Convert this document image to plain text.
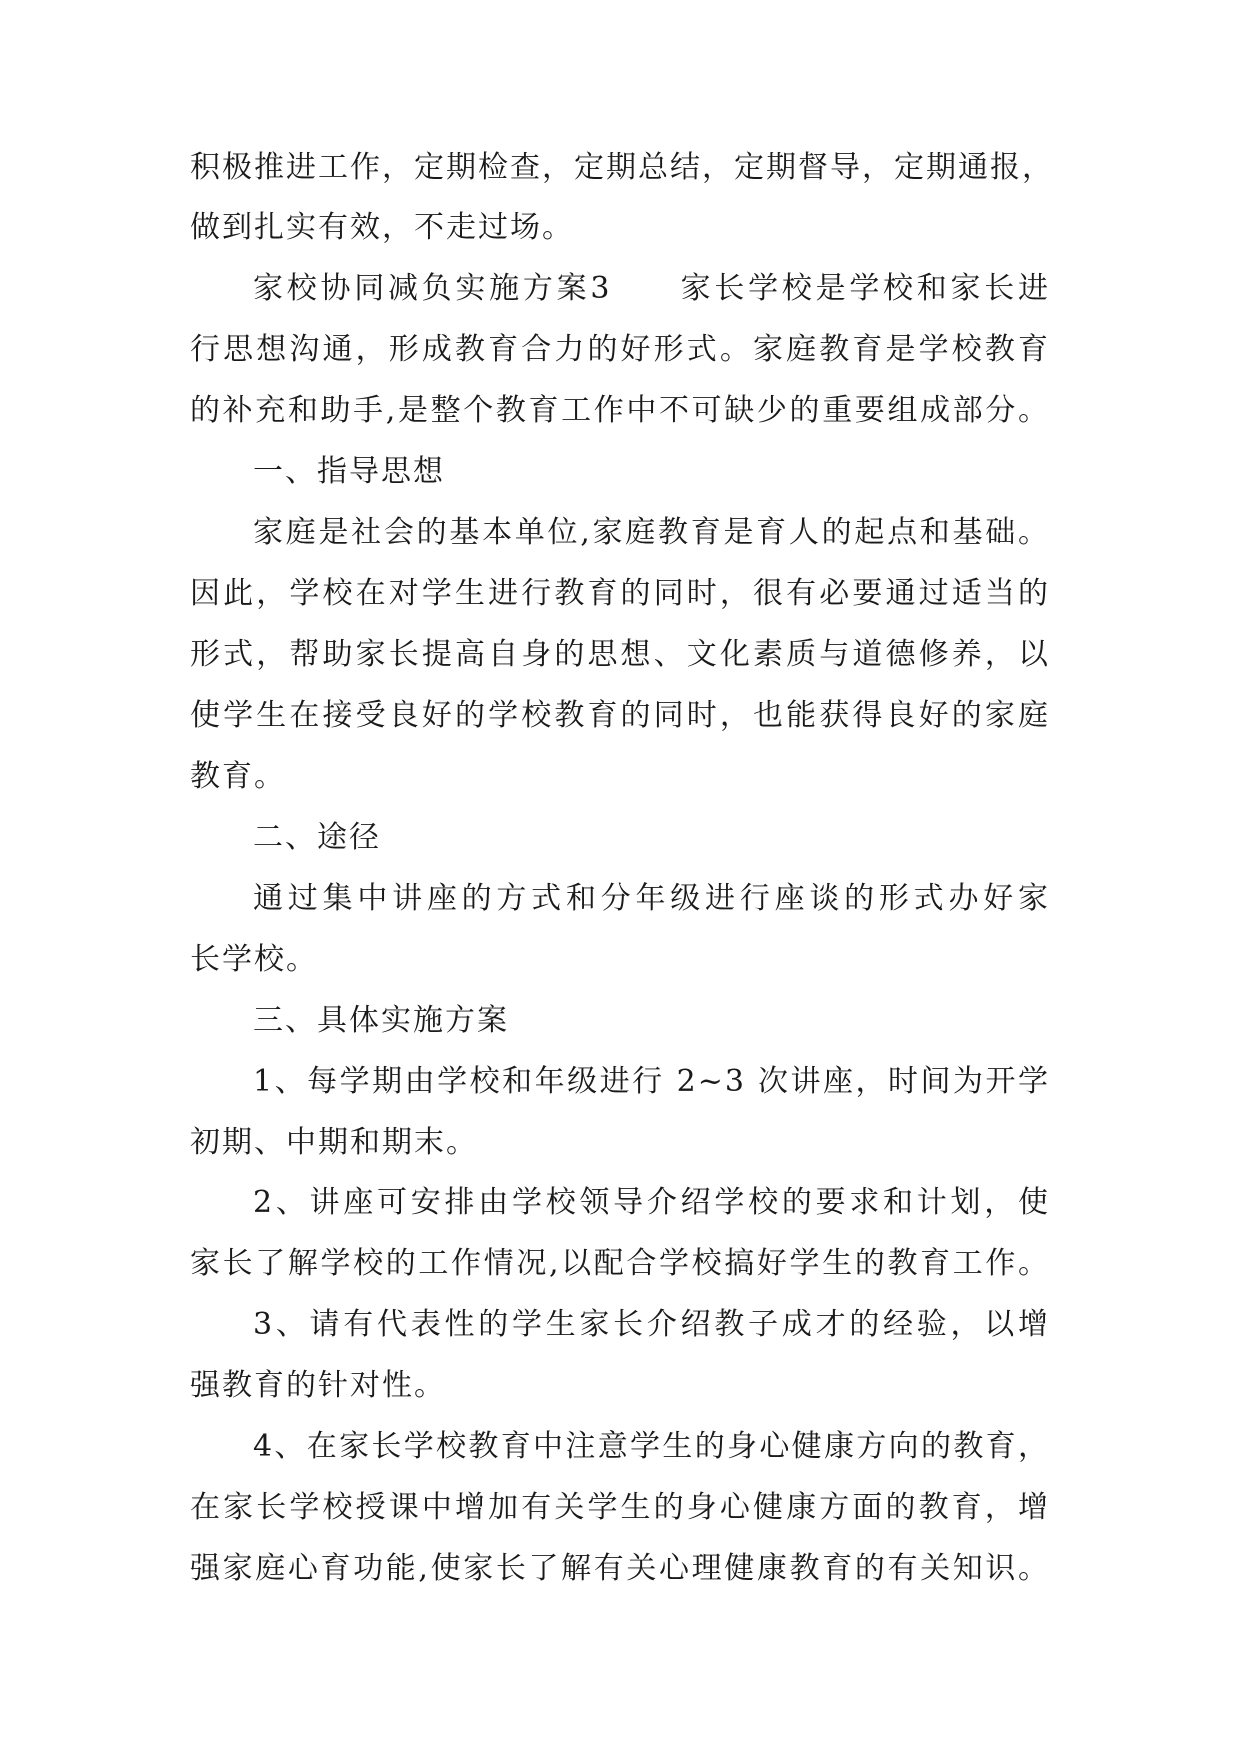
积极推进工作，定期检查，定期总结，定期督导，定期通报，
做到扎实有效，不走过场。
家校协同减负实施方案3　　家长学校是学校和家长进
行思想沟通，形成教育合力的好形式。家庭教育是学校教育
的补充和助手,是整个教育工作中不可缺少的重要组成部分。
一、指导思想
家庭是社会的基本单位,家庭教育是育人的起点和基础。
因此，学校在对学生进行教育的同时，很有必要通过适当的
形式，帮助家长提高自身的思想、文化素质与道德修养，以
使学生在接受良好的学校教育的同时，也能获得良好的家庭
教育。
二、途径
通过集中讲座的方式和分年级进行座谈的形式办好家
长学校。
三、具体实施方案
1、每学期由学校和年级进行 2~3 次讲座，时间为开学
初期、中期和期末。
2、讲座可安排由学校领导介绍学校的要求和计划，使
家长了解学校的工作情况,以配合学校搞好学生的教育工作。
3、请有代表性的学生家长介绍教子成才的经验，以增
强教育的针对性。
4、在家长学校教育中注意学生的身心健康方向的教育，
在家长学校授课中增加有关学生的身心健康方面的教育，增
强家庭心育功能,使家长了解有关心理健康教育的有关知识。
